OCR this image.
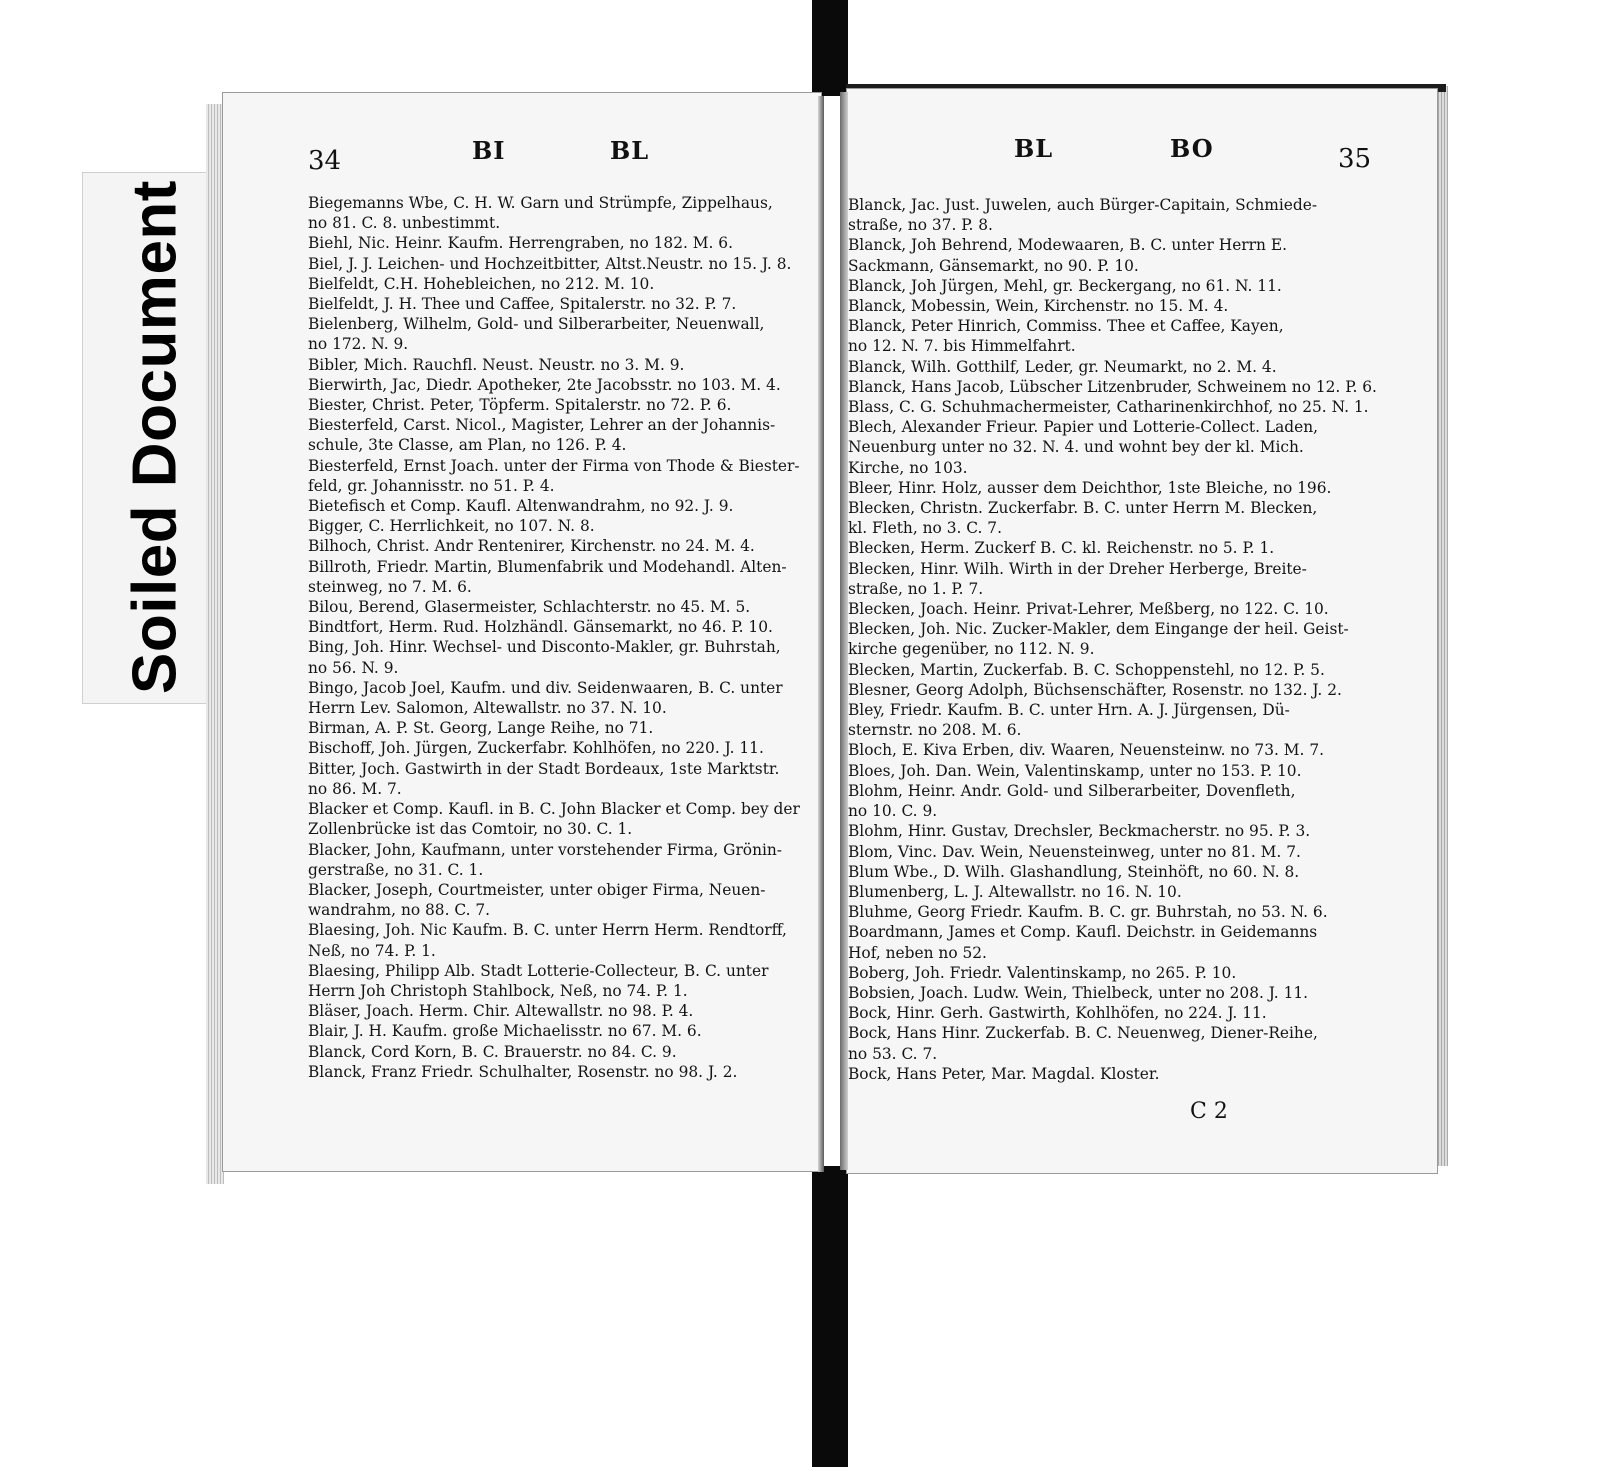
Soiled Document
34	BI	BL	BL	BO	35
Biegemanns Wbe, C. H. W. Garn und Strümpfe, Zippelhaus,
no 81. C. 8. unbestimmt.
Biehl, Nic. Heinr. Kaufm. Herrengraben, no 182. M. 6.
Biel, J. J. Leichen- und Hochzeitbitter, Altst.Neustr. no 15. J. 8.
Bielfeldt, C.H. Hohebleichen, no 212. M. 10.
Bielfeldt, J. H. Thee und Caffee, Spitalerstr. no 32. P. 7.
Bielenberg, Wilhelm, Gold- und Silberarbeiter, Neuenwall,
no 172. N. 9.
Bibler, Mich. Rauchfl. Neust. Neustr. no 3. M. 9.
Bierwirth, Jac, Diedr. Apotheker, 2te Jacobsstr. no 103. M. 4.
Biester, Christ. Peter, Töpferm. Spitalerstr. no 72. P. 6.
Biesterfeld, Carst. Nicol., Magister, Lehrer an der Johannis-
schule, 3te Classe, am Plan, no 126. P. 4.
Biesterfeld, Ernst Joach. unter der Firma von Thode & Biester-
feld, gr. Johannisstr. no 51. P. 4.
Bietefisch et Comp. Kaufl. Altenwandrahm, no 92. J. 9.
Bigger, C. Herrlichkeit, no 107. N. 8.
Bilhoch, Christ. Andr Rentenirer, Kirchenstr. no 24. M. 4.
Billroth, Friedr. Martin, Blumenfabrik und Modehandl. Alten-
steinweg, no 7. M. 6.
Bilou, Berend, Glasermeister, Schlachterstr. no 45. M. 5.
Bindtfort, Herm. Rud. Holzhändl. Gänsemarkt, no 46. P. 10.
Bing, Joh. Hinr. Wechsel- und Disconto-Makler, gr. Buhrstah,
no 56. N. 9.
Bingo, Jacob Joel, Kaufm. und div. Seidenwaaren, B. C. unter
Herrn Lev. Salomon, Altewallstr. no 37. N. 10.
Birman, A. P. St. Georg, Lange Reihe, no 71.
Bischoff, Joh. Jürgen, Zuckerfabr. Kohlhöfen, no 220. J. 11.
Bitter, Joch. Gastwirth in der Stadt Bordeaux, 1ste Marktstr.
no 86. M. 7.
Blacker et Comp. Kaufl. in B. C. John Blacker et Comp. bey der
Zollenbrücke ist das Comtoir, no 30. C. 1.
Blacker, John, Kaufmann, unter vorstehender Firma, Grönin-
gerstraße, no 31. C. 1.
Blacker, Joseph, Courtmeister, unter obiger Firma, Neuen-
wandrahm, no 88. C. 7.
Blaesing, Joh. Nic Kaufm. B. C. unter Herrn Herm. Rendtorff,
Neß, no 74. P. 1.
Blaesing, Philipp Alb. Stadt Lotterie-Collecteur, B. C. unter
Herrn Joh Christoph Stahlbock, Neß, no 74. P. 1.
Bläser, Joach. Herm. Chir. Altewallstr. no 98. P. 4.
Blair, J. H. Kaufm. große Michaelisstr. no 67. M. 6.
Blanck, Cord Korn, B. C. Brauerstr. no 84. C. 9.
Blanck, Franz Friedr. Schulhalter, Rosenstr. no 98. J. 2.
Blanck, Jac. Just. Juwelen, auch Bürger-Capitain, Schmiede-
straße, no 37. P. 8.
Blanck, Joh Behrend, Modewaaren, B. C. unter Herrn E.
Sackmann, Gänsemarkt, no 90. P. 10.
Blanck, Joh Jürgen, Mehl, gr. Beckergang, no 61. N. 11.
Blanck, Mobessin, Wein, Kirchenstr. no 15. M. 4.
Blanck, Peter Hinrich, Commiss. Thee et Caffee, Kayen,
no 12. N. 7. bis Himmelfahrt.
Blanck, Wilh. Gotthilf, Leder, gr. Neumarkt, no 2. M. 4.
Blanck, Hans Jacob, Lübscher Litzenbruder, Schweinem no 12. P. 6.
Blass, C. G. Schuhmachermeister, Catharinenkirchhof, no 25. N. 1.
Blech, Alexander Frieur. Papier und Lotterie-Collect. Laden,
Neuenburg unter no 32. N. 4. und wohnt bey der kl. Mich.
Kirche, no 103.
Bleer, Hinr. Holz, ausser dem Deichthor, 1ste Bleiche, no 196.
Blecken, Christn. Zuckerfabr. B. C. unter Herrn M. Blecken,
kl. Fleth, no 3. C. 7.
Blecken, Herm. Zuckerf B. C. kl. Reichenstr. no 5. P. 1.
Blecken, Hinr. Wilh. Wirth in der Dreher Herberge, Breite-
straße, no 1. P. 7.
Blecken, Joach. Heinr. Privat-Lehrer, Meßberg, no 122. C. 10.
Blecken, Joh. Nic. Zucker-Makler, dem Eingange der heil. Geist-
kirche gegenüber, no 112. N. 9.
Blecken, Martin, Zuckerfab. B. C. Schoppenstehl, no 12. P. 5.
Blesner, Georg Adolph, Büchsenschäfter, Rosenstr. no 132. J. 2.
Bley, Friedr. Kaufm. B. C. unter Hrn. A. J. Jürgensen, Dü-
sternstr. no 208. M. 6.
Bloch, E. Kiva Erben, div. Waaren, Neuensteinw. no 73. M. 7.
Bloes, Joh. Dan. Wein, Valentinskamp, unter no 153. P. 10.
Blohm, Heinr. Andr. Gold- und Silberarbeiter, Dovenfleth,
no 10. C. 9.
Blohm, Hinr. Gustav, Drechsler, Beckmacherstr. no 95. P. 3.
Blom, Vinc. Dav. Wein, Neuensteinweg, unter no 81. M. 7.
Blum Wbe., D. Wilh. Glashandlung, Steinhöft, no 60. N. 8.
Blumenberg, L. J. Altewallstr. no 16. N. 10.
Bluhme, Georg Friedr. Kaufm. B. C. gr. Buhrstah, no 53. N. 6.
Boardmann, James et Comp. Kaufl. Deichstr. in Geidemanns
Hof, neben no 52.
Boberg, Joh. Friedr. Valentinskamp, no 265. P. 10.
Bobsien, Joach. Ludw. Wein, Thielbeck, unter no 208. J. 11.
Bock, Hinr. Gerh. Gastwirth, Kohlhöfen, no 224. J. 11.
Bock, Hans Hinr. Zuckerfab. B. C. Neuenweg, Diener-Reihe,
no 53. C. 7.
Bock, Hans Peter, Mar. Magdal. Kloster.
C 2
